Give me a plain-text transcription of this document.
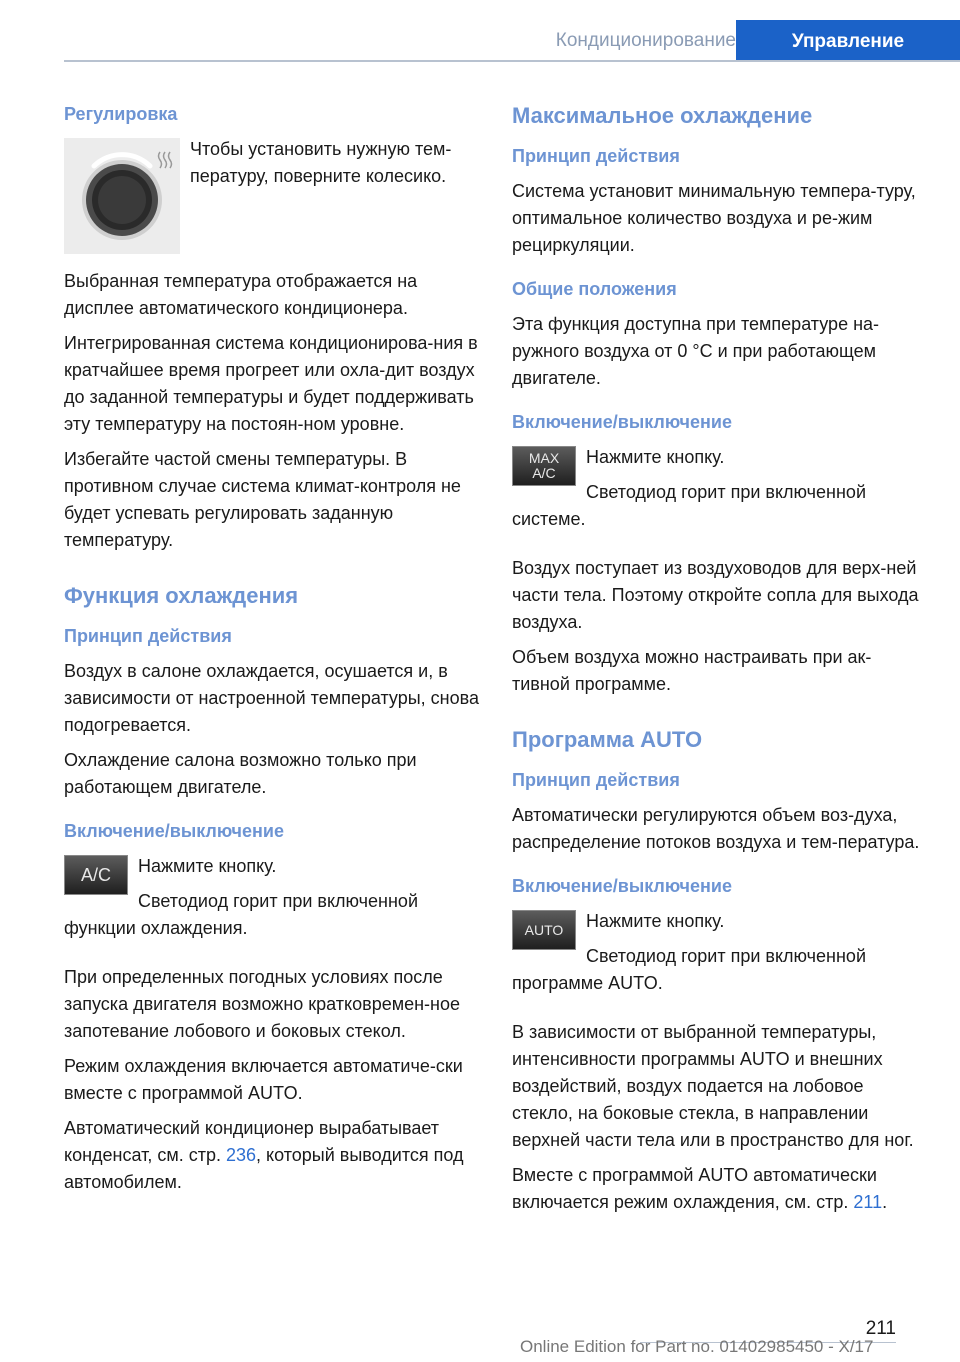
Кондиционирование	Управление
Регулировка

Чтобы установить нужную тем-пературу, поверните колесико.

Выбранная температура отображается на дисплее автоматического кондиционера.

Интегрированная система кондиционирова-ния в кратчайшее время прогреет или охла-дит воздух до заданной температуры и будет поддерживать эту температуру на постоян-ном уровне.

Избегайте частой смены температуры. В противном случае система климат-контроля не будет успевать регулировать заданную температуру.

Функция охлаждения
Принцип действия

Воздух в салоне охлаждается, осушается и, в зависимости от настроенной температуры, снова подогревается.

Охлаждение салона возможно только при работающем двигателе.

Включение/выключение
A/C	Нажмите кнопку.

Светодиод горит при включенной функции охлаждения.

При определенных погодных условиях после запуска двигателя возможно кратковремен-ное запотевание лобового и боковых стекол.

Режим охлаждения включается автоматиче-ски вместе с программой AUTO.

Автоматический кондиционер вырабатывает конденсат, см. стр. 236, который выводится под автомобилем.

Максимальное охлаждение
Принцип действия

Система установит минимальную темпера-туру, оптимальное количество воздуха и ре-жим рециркуляции.

Общие положения

Эта функция доступна при температуре на-ружного воздуха от 0 °C и при работающем двигателе.

Включение/выключение
MAX
A/C

Нажмите кнопку.

Светодиод горит при включенной системе.

Воздух поступает из воздуховодов для верх-ней части тела. Поэтому откройте сопла для выхода воздуха.

Объем воздуха можно настраивать при ак-тивной программе.

Программа AUTO
Принцип действия

Автоматически регулируются объем воз-духа, распределение потоков воздуха и тем-пература.

Включение/выключение
AUTO	Нажмите кнопку.

Светодиод горит при включенной программе AUTO.

В зависимости от выбранной температуры, интенсивности программы AUTO и внешних воздействий, воздух подается на лобовое стекло, на боковые стекла, в направлении верхней части тела или в пространство для ног.

Вместе с программой AUTO автоматически включается режим охлаждения, см. стр. 211.

211
Online Edition for Part no. 01402985450 - X/17
